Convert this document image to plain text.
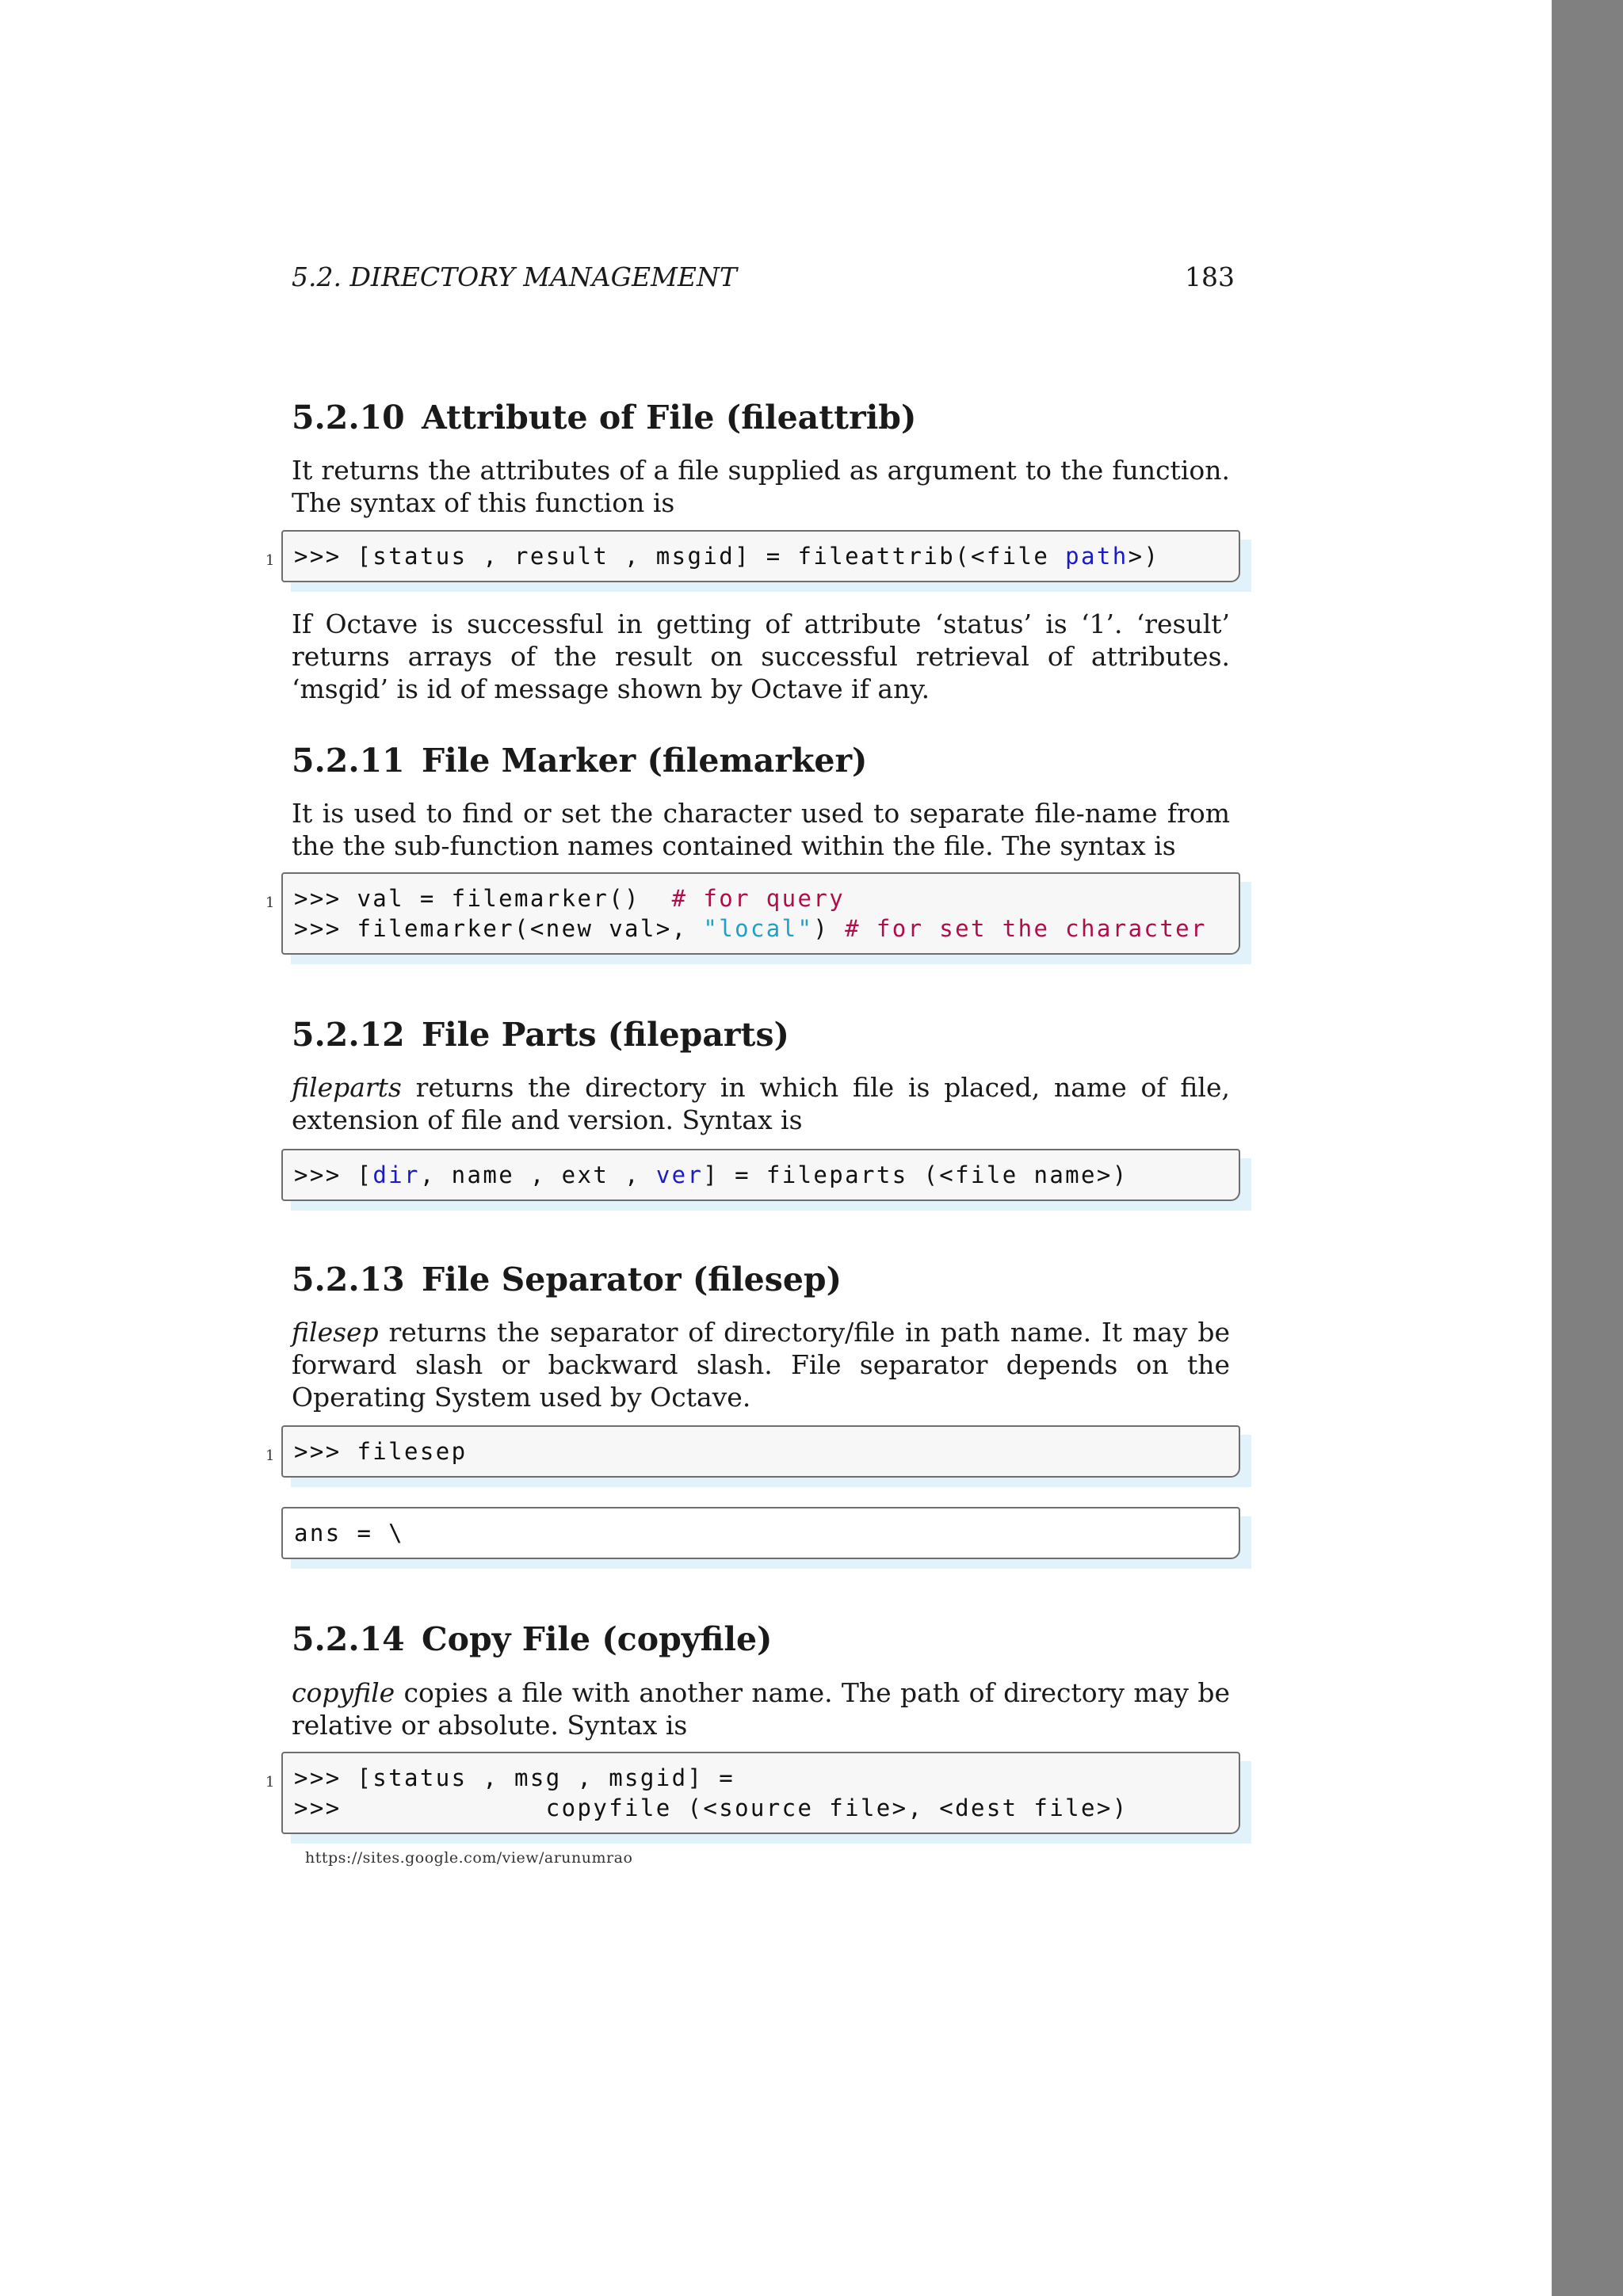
5.2. DIRECTORY MANAGEMENT	183
5.2.10 Attribute of File (fileattrib)

It returns the attributes of a file supplied as argument to the function. The syntax of this function is

1 >>> [status , result , msgid] = fileattrib(<file path>)

If Octave is successful in getting of attribute ‘status’ is ‘1’. ‘result’ returns arrays of the result on successful retrieval of attributes. ‘msgid’ is id of message shown by Octave if any.

5.2.11 File Marker (filemarker)

It is used to find or set the character used to separate file-name from the the sub-function names contained within the file. The syntax is

1 >>> val = filemarker()  # for query
>>> filemarker(<new val>, "local") # for set the character
5.2.12 File Parts (fileparts)

fileparts returns the directory in which file is placed, name of file, extension of file and version. Syntax is

>>> [dir, name , ext , ver] = fileparts (<file name>)
5.2.13 File Separator (filesep)

filesep returns the separator of directory/file in path name. It may be forward slash or backward slash. File separator depends on the Operating System used by Octave.

1 >>> filesep
ans = \
5.2.14 Copy File (copyfile)

copyfile copies a file with another name. The path of directory may be relative or absolute. Syntax is

1 >>> [status , msg , msgid] =
>>>             copyfile (<source file>, <dest file>)
https://sites.google.com/view/arunumrao
